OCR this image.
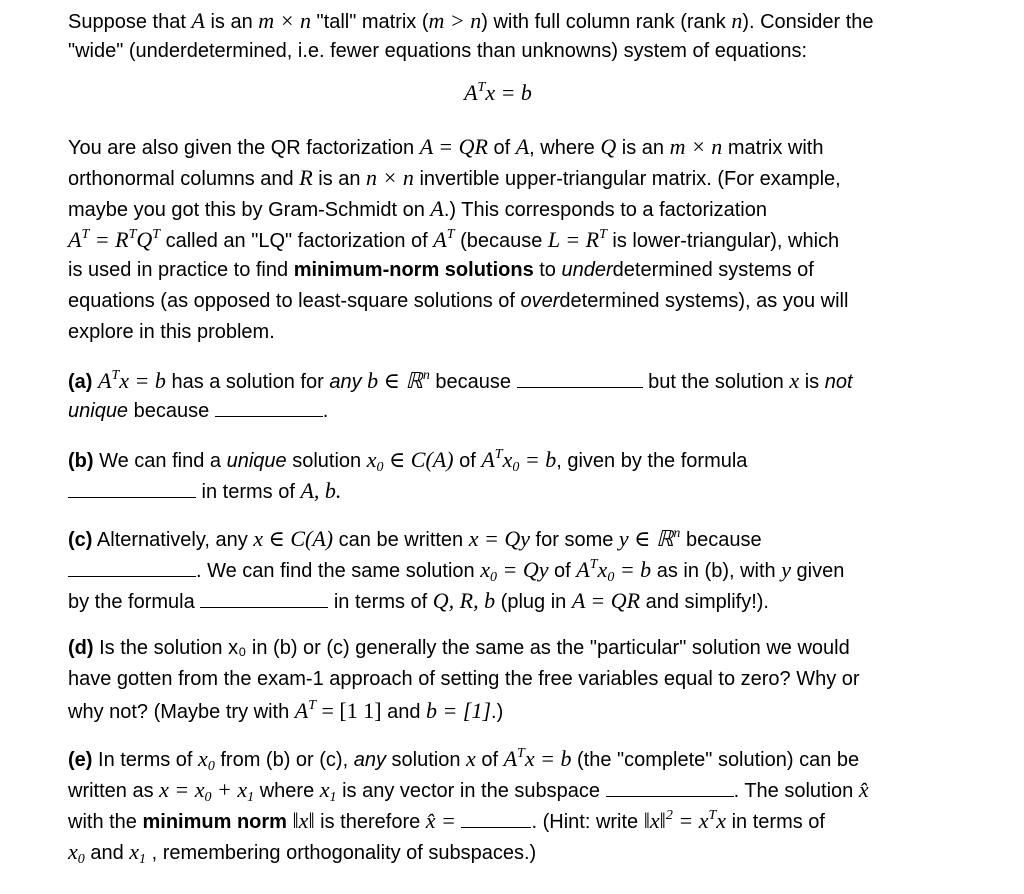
Suppose that A is an m × n "tall" matrix (m > n) with full column rank (rank n). Consider the
"wide" (underdetermined, i.e. fewer equations than unknowns) system of equations:
$A^Tx = b$
You are also given the QR factorization A = QR of A, where Q is an m × n matrix with
orthonormal columns and R is an n × n invertible upper-triangular matrix. (For example,
maybe you got this by Gram-Schmidt on A.) This corresponds to a factorization
$A^T = R^TQ^T$ called an "LQ" factorization of $A^T$ (because $L = R^T$ is lower-triangular), which
is used in practice to find minimum-norm solutions to underdetermined systems of
equations (as opposed to least-square solutions of overdetermined systems), as you will
explore in this problem.
(a) $A^Tx = b$ has a solution for any b ∈ ℝ$^n$ because	but the solution x is not
unique because	.
(b) We can find a unique solution $x_0$ ∈ C(A) of $A^Tx_0 = b$, given by the formula
in terms of A, b.
(c) Alternatively, any x ∈ C(A) can be written x = Qy for some y ∈ ℝ$^n$ because
. We can find the same solution $x_0 = Qy$ of $A^Tx_0 = b$ as in (b), with y given
by the formula	in terms of Q, R, b (plug in A = QR and simplify!).
(d) Is the solution x₀ in (b) or (c) generally the same as the "particular" solution we would
have gotten from the exam-1 approach of setting the free variables equal to zero? Why or
why not? (Maybe try with $A^T = [1$ 1] and b = [1].)
(e) In terms of $x_0$ from (b) or (c), any solution x of $A^Tx = b$ (the "complete" solution) can be
written as $x = x_0 + x_1$ where $x_1$ is any vector in the subspace	. The solution x̂
with the minimum norm ‖x‖ is therefore x̂ =	. (Hint: write ‖x‖$^2$ = $x^Tx$ in terms of
$x_0$ and $x_1$ , remembering orthogonality of subspaces.)
